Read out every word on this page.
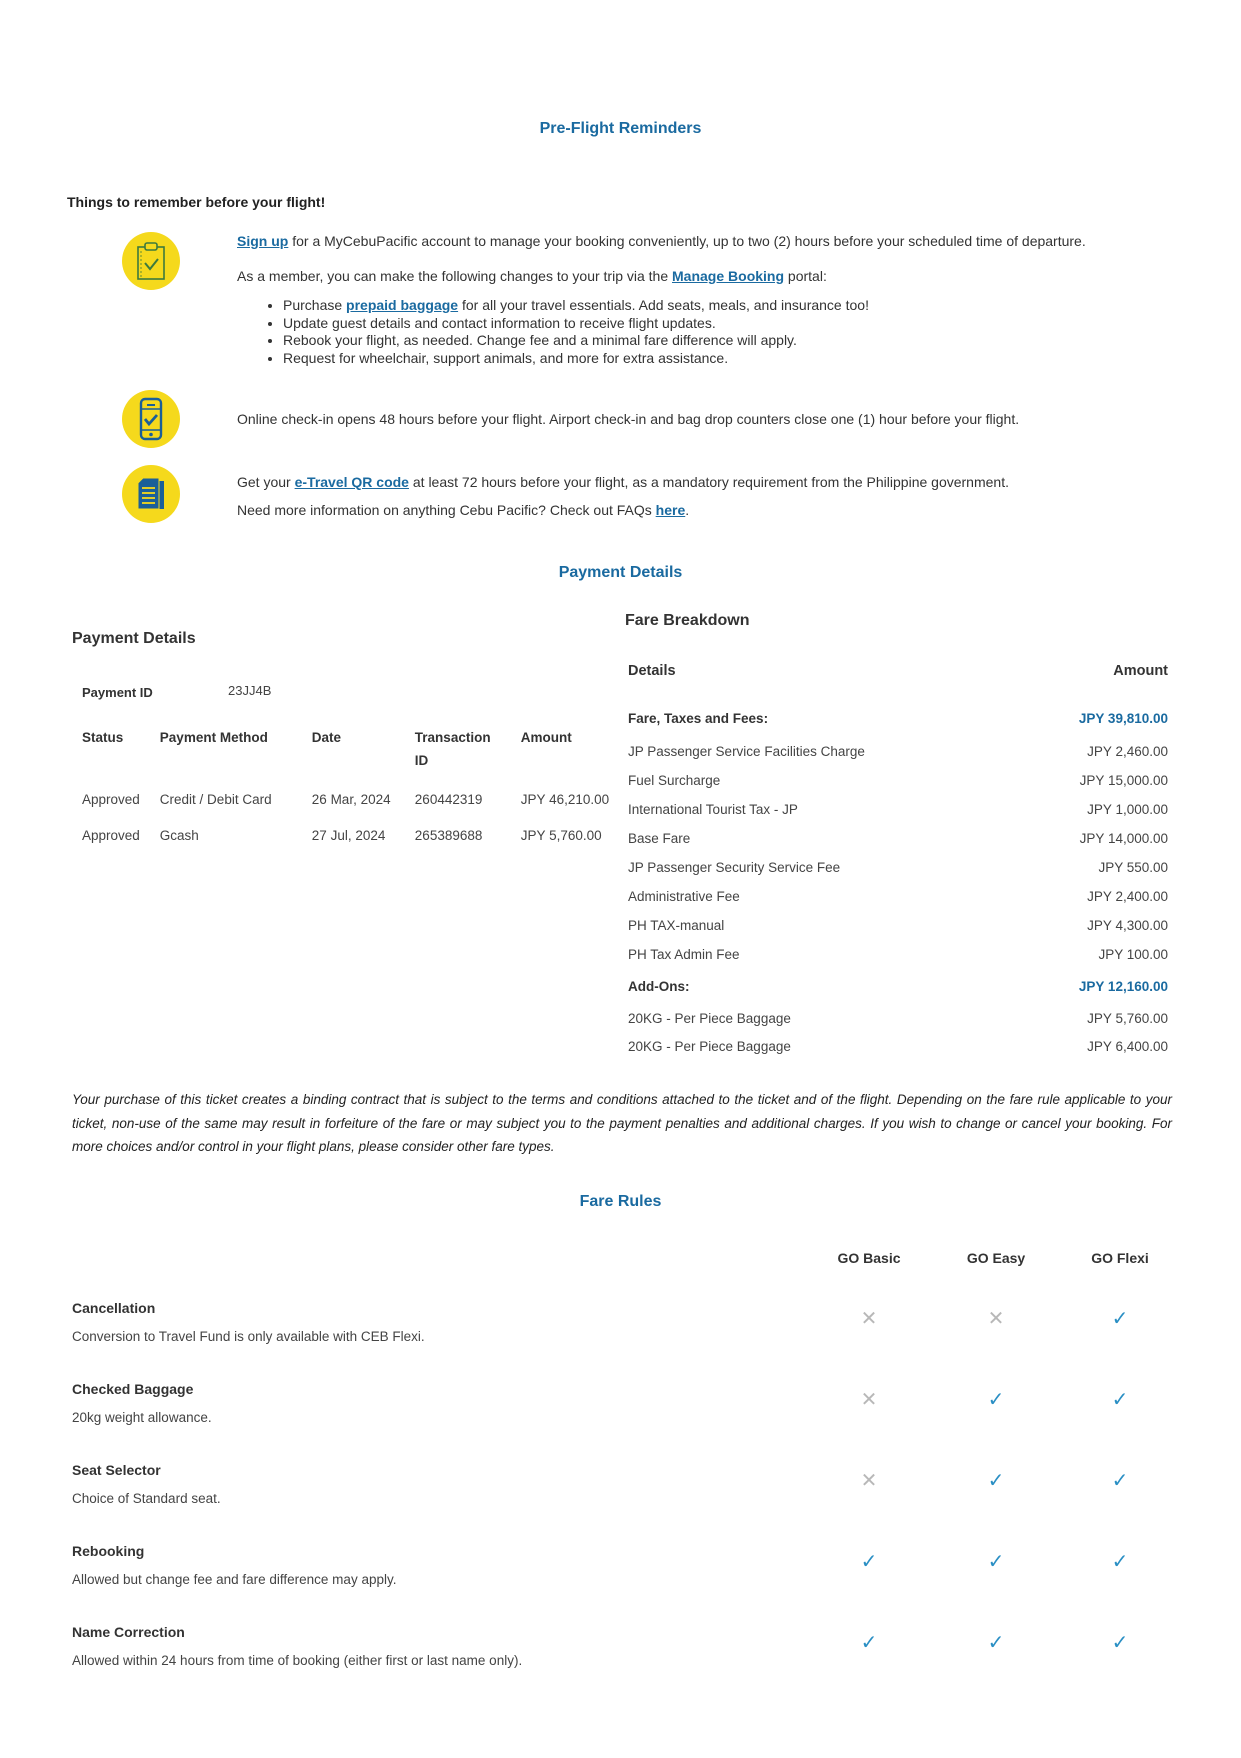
Pre-Flight Reminders
Things to remember before your flight!
Sign up for a MyCebuPacific account to manage your booking conveniently, up to two (2) hours before your scheduled time of departure.
As a member, you can make the following changes to your trip via the Manage Booking portal:
• Purchase prepaid baggage for all your travel essentials. Add seats, meals, and insurance too!
• Update guest details and contact information to receive flight updates.
• Rebook your flight, as needed. Change fee and a minimal fare difference will apply.
• Request for wheelchair, support animals, and more for extra assistance.
Online check-in opens 48 hours before your flight. Airport check-in and bag drop counters close one (1) hour before your flight.
Get your e-Travel QR code at least 72 hours before your flight, as a mandatory requirement from the Philippine government.
Need more information on anything Cebu Pacific? Check out FAQs here.
Payment Details
Payment Details
Payment ID	23JJ4B
Status	Payment Method	Date	Transaction ID	Amount
Approved	Credit / Debit Card	26 Mar, 2024	260442319	JPY 46,210.00
Approved	Gcash	27 Jul, 2024	265389688	JPY 5,760.00
Fare Breakdown
Details	Amount
Fare, Taxes and Fees:	JPY 39,810.00
JP Passenger Service Facilities Charge	JPY 2,460.00
Fuel Surcharge	JPY 15,000.00
International Tourist Tax - JP	JPY 1,000.00
Base Fare	JPY 14,000.00
JP Passenger Security Service Fee	JPY 550.00
Administrative Fee	JPY 2,400.00
PH TAX-manual	JPY 4,300.00
PH Tax Admin Fee	JPY 100.00
Add-Ons:	JPY 12,160.00
20KG - Per Piece Baggage	JPY 5,760.00
20KG - Per Piece Baggage	JPY 6,400.00
Your purchase of this ticket creates a binding contract that is subject to the terms and conditions attached to the ticket and of the flight. Depending on the fare rule applicable to your ticket, non-use of the same may result in forfeiture of the fare or may subject you to the payment penalties and additional charges. If you wish to change or cancel your booking. For more choices and/or control in your flight plans, please consider other fare types.
Fare Rules
GO Basic	GO Easy	GO Flexi
Cancellation
Conversion to Travel Fund is only available with CEB Flexi.
✕	✕	✓
Checked Baggage
20kg weight allowance.
✕	✓	✓
Seat Selector
Choice of Standard seat.
✕	✓	✓
Rebooking
Allowed but change fee and fare difference may apply.
✓	✓	✓
Name Correction
Allowed within 24 hours from time of booking (either first or last name only).
✓	✓	✓
